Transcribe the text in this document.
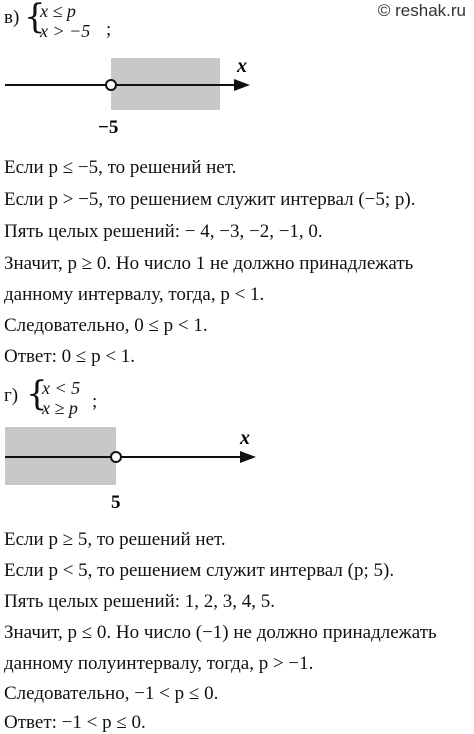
© reshak.ru
в) {
x ≤ p
x > −5 ;
x
−5
Если p ≤ −5, то решений нет.
Если p > −5, то решением служит интервал (−5; p).
Пять целых решений: − 4, −3, −2, −1, 0.
Значит, p ≥ 0. Но число 1 не должно принадлежать
данному интервалу, тогда, p < 1.
Следовательно, 0 ≤ p < 1.
Ответ: 0 ≤ p < 1.
г) {
x < 5
x ≥ p ;
x
5
Если p ≥ 5, то решений нет.
Если p < 5, то решением служит интервал (p; 5).
Пять целых решений: 1, 2, 3, 4, 5.
Значит, p ≤ 0. Но число (−1) не должно принадлежать
данному полуинтервалу, тогда, p > −1.
Следовательно, −1 < p ≤ 0.
Ответ: −1 < p ≤ 0.
